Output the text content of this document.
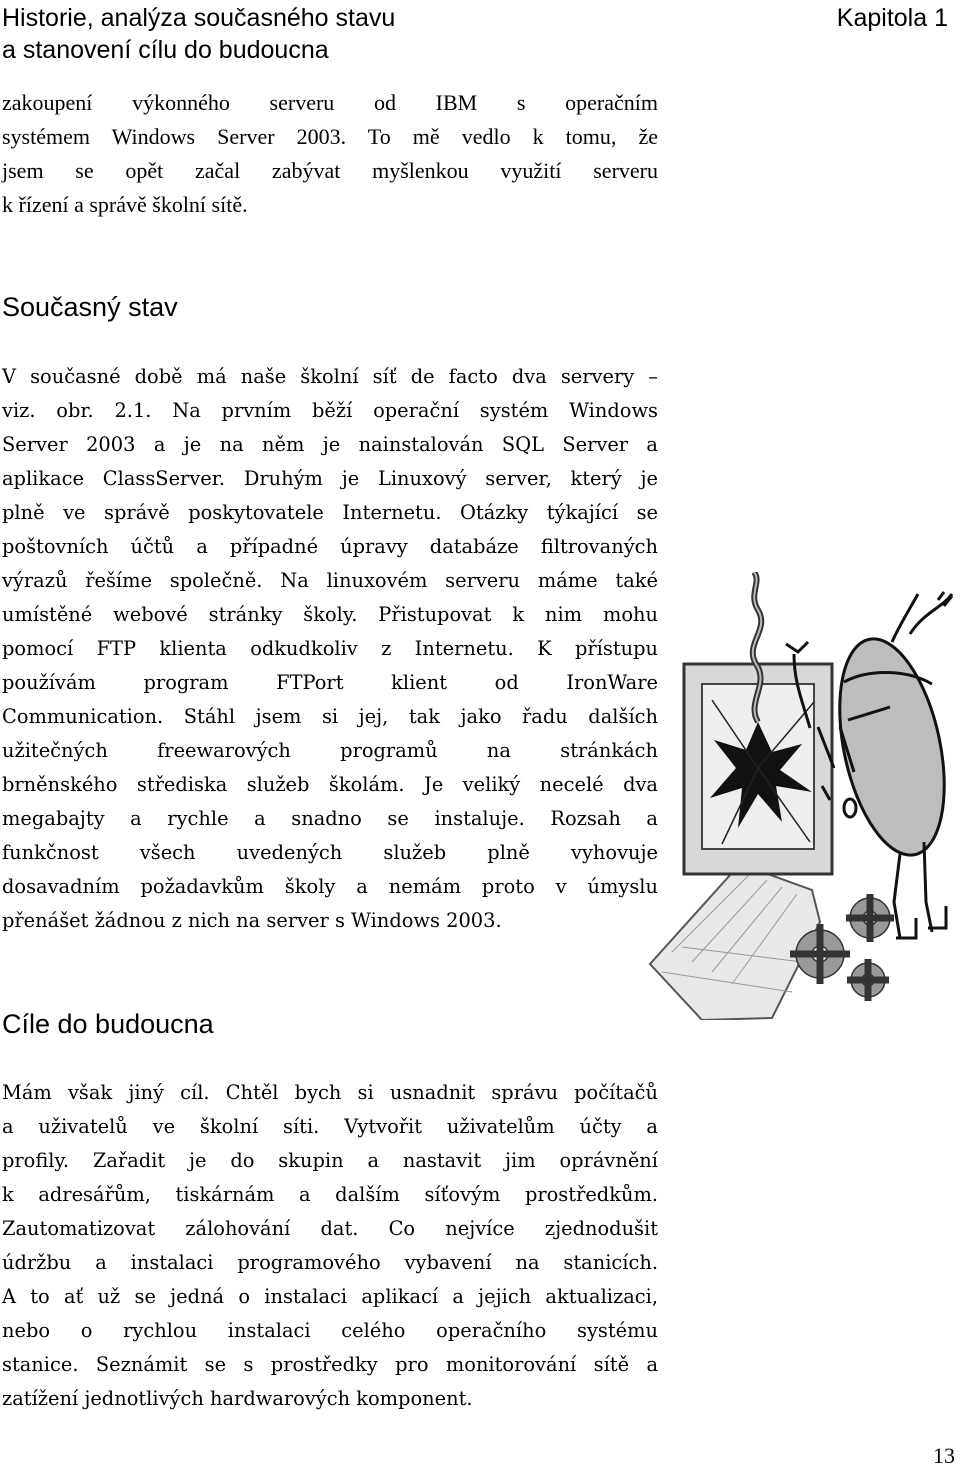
Historie, analýza současného stavu
a stanovení cílu do budoucna
Kapitola 1
zakoupení výkonného serveru od IBM s operačním
systémem Windows Server 2003. To mě vedlo k tomu, že
jsem se opět začal zabývat myšlenkou využití serveru
k řízení a správě školní sítě.
Současný stav
V současné době má naše školní síť de facto dva servery –
viz. obr. 2.1. Na prvním běží operační systém Windows
Server 2003 a je na něm je nainstalován SQL Server a
aplikace ClassServer. Druhým je Linuxový server, který je
plně ve správě poskytovatele Internetu. Otázky týkající se
poštovních účtů a případné úpravy databáze filtrovaných
výrazů řešíme společně. Na linuxovém serveru máme také
umístěné webové stránky školy. Přistupovat k nim mohu
pomocí FTP klienta odkudkoliv z Internetu. K přístupu
používám program FTPort klient od IronWare
Communication. Stáhl jsem si jej, tak jako řadu dalších
užitečných freewarových programů na stránkách
brněnského střediska služeb školám. Je veliký necelé dva
megabajty a rychle a snadno se instaluje. Rozsah a
funkčnost všech uvedených služeb plně vyhovuje
dosavadním požadavkům školy a nemám proto v úmyslu
přenášet žádnou z nich na server s Windows 2003.
Cíle do budoucna
Mám však jiný cíl. Chtěl bych si usnadnit správu počítačů
a uživatelů ve školní síti. Vytvořit uživatelům účty a
profily. Zařadit je do skupin a nastavit jim oprávnění
k adresářům, tiskárnám a dalším síťovým prostředkům.
Zautomatizovat zálohování dat. Co nejvíce zjednodušit
údržbu a instalaci programového vybavení na stanicích.
A to ať už se jedná o instalaci aplikací a jejich aktualizaci,
nebo o rychlou instalaci celého operačního systému
stanice. Seznámit se s prostředky pro monitorování sítě a
zatížení jednotlivých hardwarových komponent.
13
